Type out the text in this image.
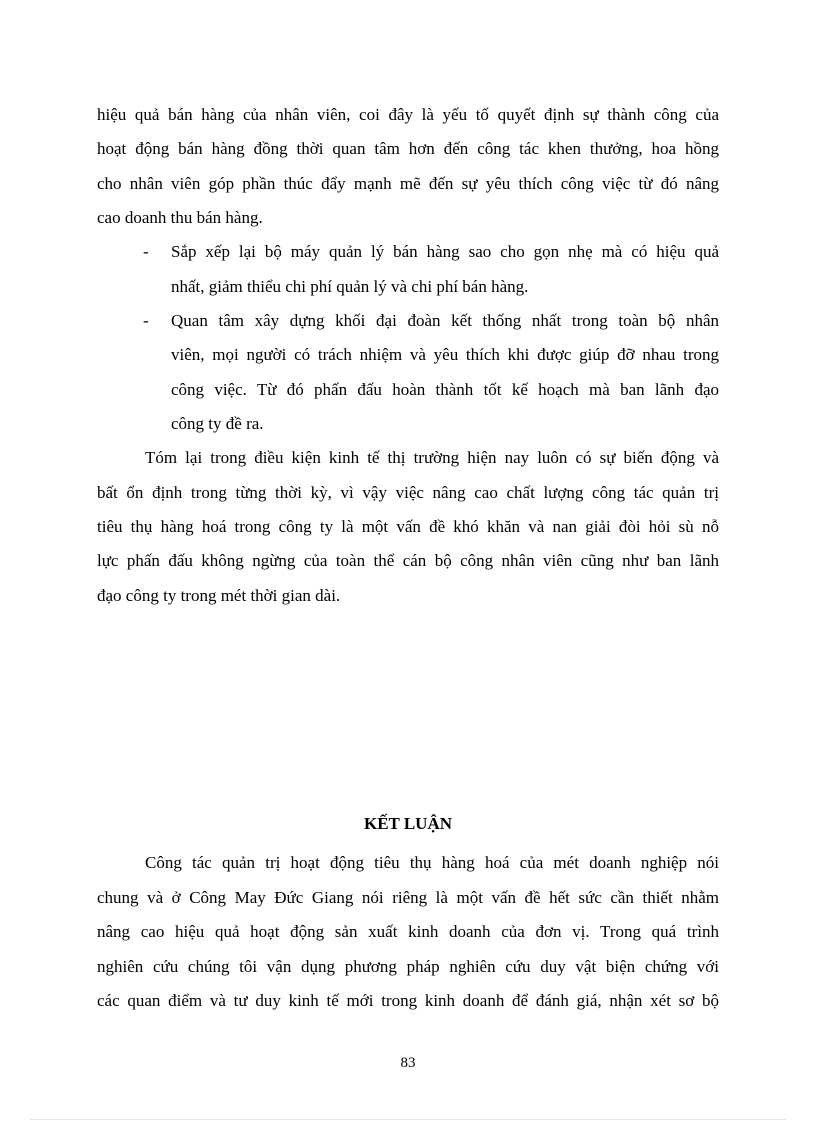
hiệu quả bán hàng của nhân viên, coi đây là yếu tố quyết định sự thành công của
hoạt động bán hàng đồng thời quan tâm hơn đến công tác khen thưởng, hoa hồng
cho nhân viên góp phần thúc đẩy mạnh mẽ đến sự yêu thích công việc từ đó nâng
cao doanh thu bán hàng.
- Sắp xếp lại bộ máy quản lý bán hàng sao cho gọn nhẹ mà có hiệu quả
nhất, giảm thiểu chi phí quản lý và chi phí bán hàng.
- Quan tâm xây dựng khối đại đoàn kết thống nhất trong toàn bộ nhân
viên, mọi người có trách nhiệm và yêu thích khi được giúp đỡ nhau trong
công việc. Từ đó phấn đấu hoàn thành tốt kế hoạch mà ban lãnh đạo
công ty đề ra.
Tóm lại trong điều kiện kinh tế thị trường hiện nay luôn có sự biến động và
bất ổn định trong từng thời kỳ, vì vậy việc nâng cao chất lượng công tác quản trị
tiêu thụ hàng hoá trong công ty là một vấn đề khó khăn và nan giải đòi hỏi sù nỗ
lực phấn đấu không ngừng của toàn thể cán bộ công nhân viên cũng như ban lãnh
đạo công ty trong mét thời gian dài.
KẾT LUẬN
Công tác quản trị hoạt động tiêu thụ hàng hoá của mét doanh nghiệp nói
chung và ở Công May Đức Giang nói riêng là một vấn đề hết sức cần thiết nhằm
nâng cao hiệu quả hoạt động sản xuất kinh doanh của đơn vị. Trong quá trình
nghiên cứu chúng tôi vận dụng phương pháp nghiên cứu duy vật biện chứng với
các quan điểm và tư duy kinh tế mới trong kinh doanh để đánh giá, nhận xét sơ bộ
83
